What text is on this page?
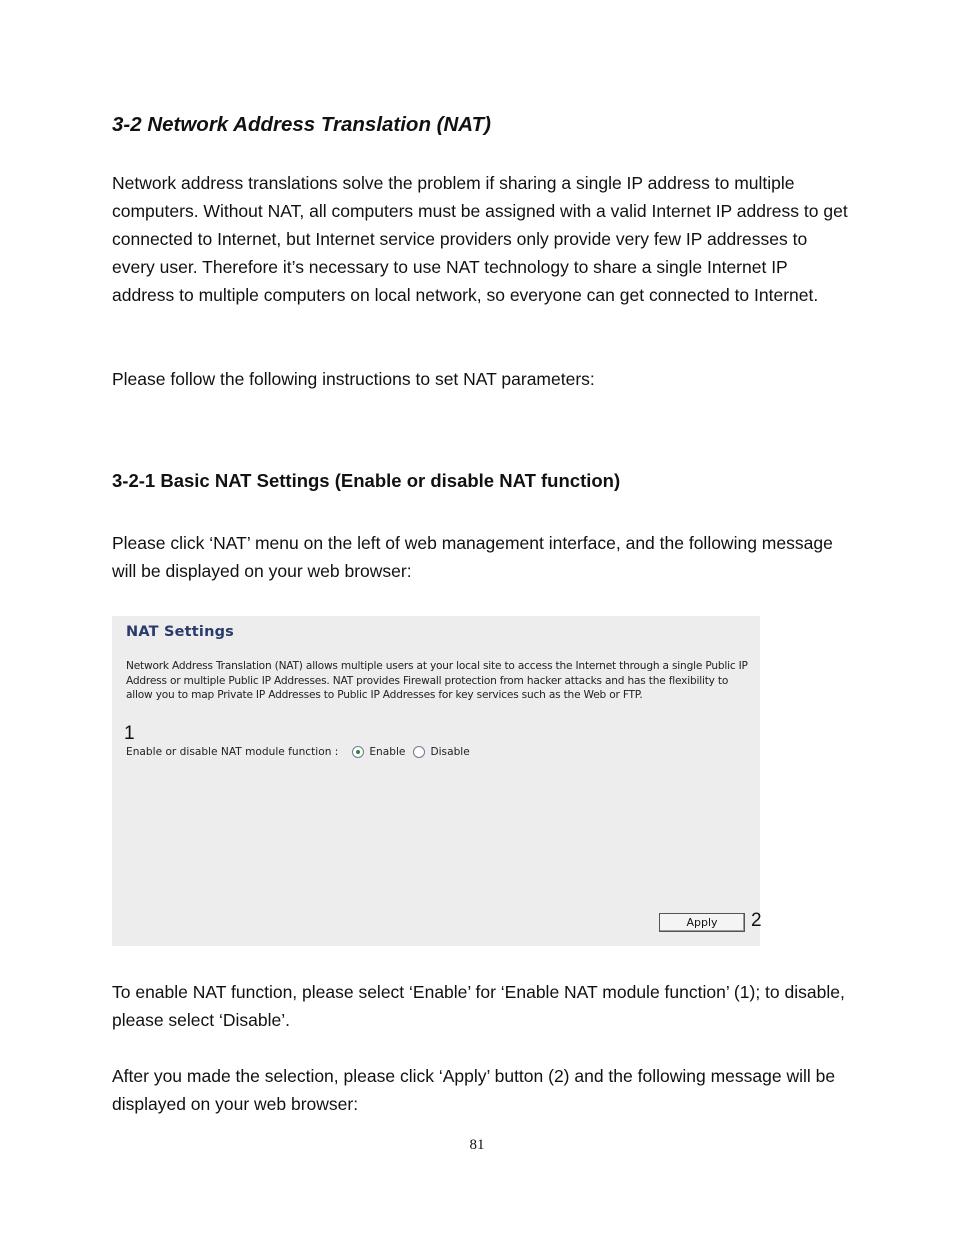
3-2 Network Address Translation (NAT)

Network address translations solve the problem if sharing a single IP address to multiple computers. Without NAT, all computers must be assigned with a valid Internet IP address to get connected to Internet, but Internet service providers only provide very few IP addresses to every user. Therefore it’s necessary to use NAT technology to share a single Internet IP address to multiple computers on local network, so everyone can get connected to Internet.

Please follow the following instructions to set NAT parameters:

3-2-1 Basic NAT Settings (Enable or disable NAT function)

Please click ‘NAT’ menu on the left of web management interface, and the following message will be displayed on your web browser:

NAT Settings
Network Address Translation (NAT) allows multiple users at your local site to access the Internet through a single Public IP Address or multiple Public IP Addresses. NAT provides Firewall protection from hacker attacks and has the flexibility to allow you to map Private IP Addresses to Public IP Addresses for key services such as the Web or FTP.
Enable or disable NAT module function :	Enable Disable
Apply
1
2

To enable NAT function, please select ‘Enable’ for ‘Enable NAT module function’ (1); to disable, please select ‘Disable’.

After you made the selection, please click ‘Apply’ button (2) and the following message will be displayed on your web browser:

81
